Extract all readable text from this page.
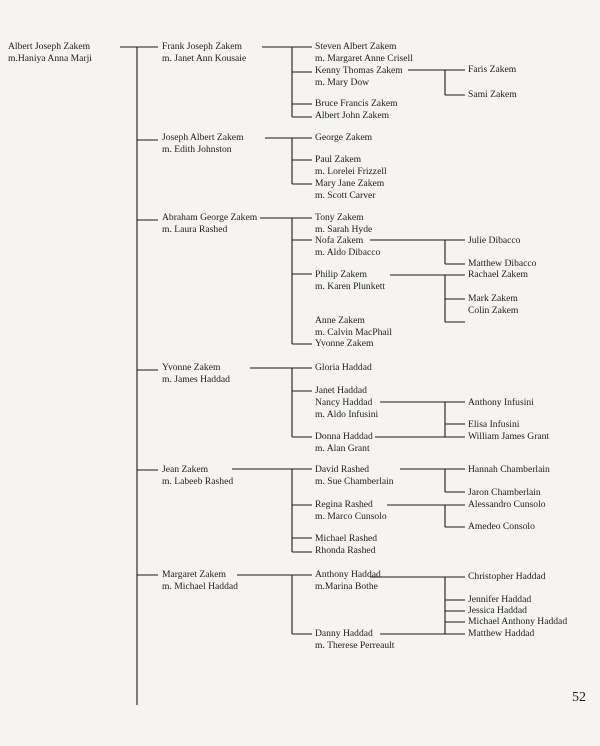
Albert Joseph Zakem
m.Haniya Anna Marji
Frank Joseph Zakem
m. Janet Ann Kousaie
Joseph Albert Zakem
m. Edith Johnston
Abraham George Zakem
m. Laura Rashed
Yvonne Zakem
m. James Haddad
Jean Zakem
m. Labeeb Rashed
Margaret Zakem
m. Michael Haddad
Steven Albert Zakem
m. Margaret Anne Crisell
Kenny Thomas Zakem
m. Mary Dow
Bruce Francis Zakem
Albert John Zakem
George Zakem
Paul Zakem
m. Lorelei Frizzell
Mary Jane Zakem
m. Scott Carver
Tony Zakem
m. Sarah Hyde
Nofa Zakem
m. Aldo Dibacco
Philip Zakem
m. Karen Plunkett
Anne Zakem
m. Calvin MacPhail
Yvonne Zakem
Gloria Haddad
Janet Haddad
Nancy Haddad
m. Aldo Infusini
Donna Haddad
m. Alan Grant
David Rashed
m. Sue Chamberlain
Regina Rashed
m. Marco Cunsolo
Michael Rashed
Rhonda Rashed
Anthony Haddad
m.Marina Bothe
Danny Haddad
m. Therese Perreault
Faris Zakem
Sami Zakem
Julie Dibacco
Matthew Dibacco
Rachael Zakem
Mark Zakem
Colin Zakem
Anthony Infusini
Elisa Infusini
William James Grant
Hannah Chamberlain
Jaron Chamberlain
Alessandro Cunsolo
Amedeo Consolo
Christopher Haddad
Jennifer Haddad
Jessica Haddad
Michael Anthony Haddad
Matthew Haddad
52
